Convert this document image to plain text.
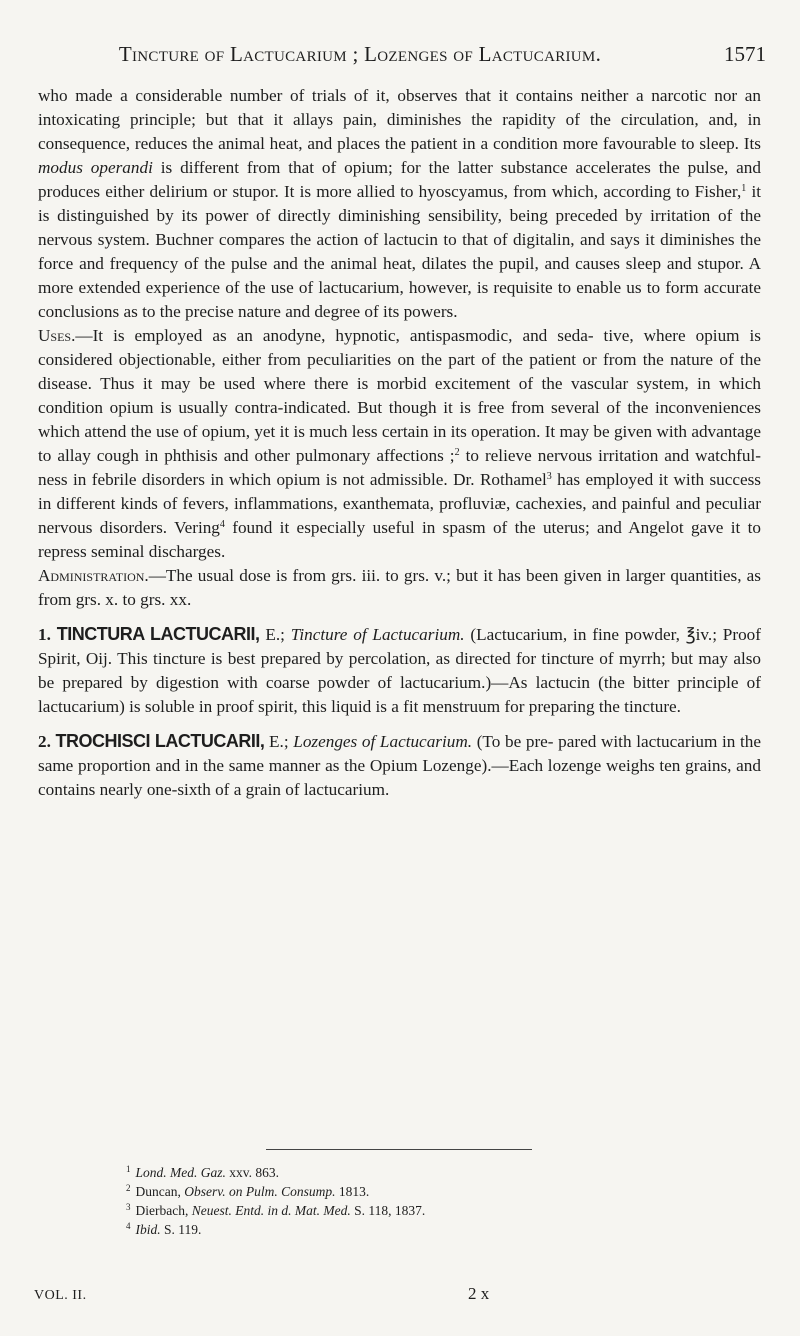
Tincture of Lactucarium ; Lozenges of Lactucarium.	1571

who made a considerable number of trials of it, observes that it contains neither a narcotic nor an intoxicating principle; but that it allays pain, diminishes the rapidity of the circulation, and, in consequence, reduces the animal heat, and places the patient in a condition more favourable to sleep. Its modus operandi is different from that of opium; for the latter substance accelerates the pulse, and produces either delirium or stupor. It is more allied to hyoscyamus, from which, according to Fisher,$^1$ it is distinguished by its power of directly diminishing sensibility, being preceded by irritation of the nervous system. Buchner compares the action of lactucin to that of digitalin, and says it diminishes the force and frequency of the pulse and the animal heat, dilates the pupil, and causes sleep and stupor. A more extended experience of the use of lactucarium, however, is requisite to enable us to form accurate conclusions as to the precise nature and degree of its powers.

Uses.—It is employed as an anodyne, hypnotic, antispasmodic, and seda- tive, where opium is considered objectionable, either from peculiarities on the part of the patient or from the nature of the disease. Thus it may be used where there is morbid excitement of the vascular system, in which condition opium is usually contra-indicated. But though it is free from several of the inconveniences which attend the use of opium, yet it is much less certain in its operation. It may be given with advantage to allay cough in phthisis and other pulmonary affections ;$^2$ to relieve nervous irritation and watchful- ness in febrile disorders in which opium is not admissible. Dr. Rothamel$^3$ has employed it with success in different kinds of fevers, inflammations, exanthemata, profluviæ, cachexies, and painful and peculiar nervous disorders. Vering$^4$ found it especially useful in spasm of the uterus; and Angelot gave it to repress seminal discharges.

Administration.—The usual dose is from grs. iii. to grs. v.; but it has been given in larger quantities, as from grs. x. to grs. xx.

1. TINCTURA LACTUCARII, E.; Tincture of Lactucarium. (Lactucarium, in fine powder, ℥iv.; Proof Spirit, Oij. This tincture is best prepared by percolation, as directed for tincture of myrrh; but may also be prepared by digestion with coarse powder of lactucarium.)—As lactucin (the bitter principle of lactucarium) is soluble in proof spirit, this liquid is a fit menstruum for preparing the tincture.

2. TROCHISCI LACTUCARII, E.; Lozenges of Lactucarium. (To be pre- pared with lactucarium in the same proportion and in the same manner as the Opium Lozenge).—Each lozenge weighs ten grains, and contains nearly one-sixth of a grain of lactucarium.

$^1$ Lond. Med. Gaz. xxv. 863.

$^2$ Duncan, Observ. on Pulm. Consump. 1813.

$^3$ Dierbach, Neuest. Entd. in d. Mat. Med. S. 118, 1837.

$^4$ Ibid. S. 119.

VOL. II.	2 x
